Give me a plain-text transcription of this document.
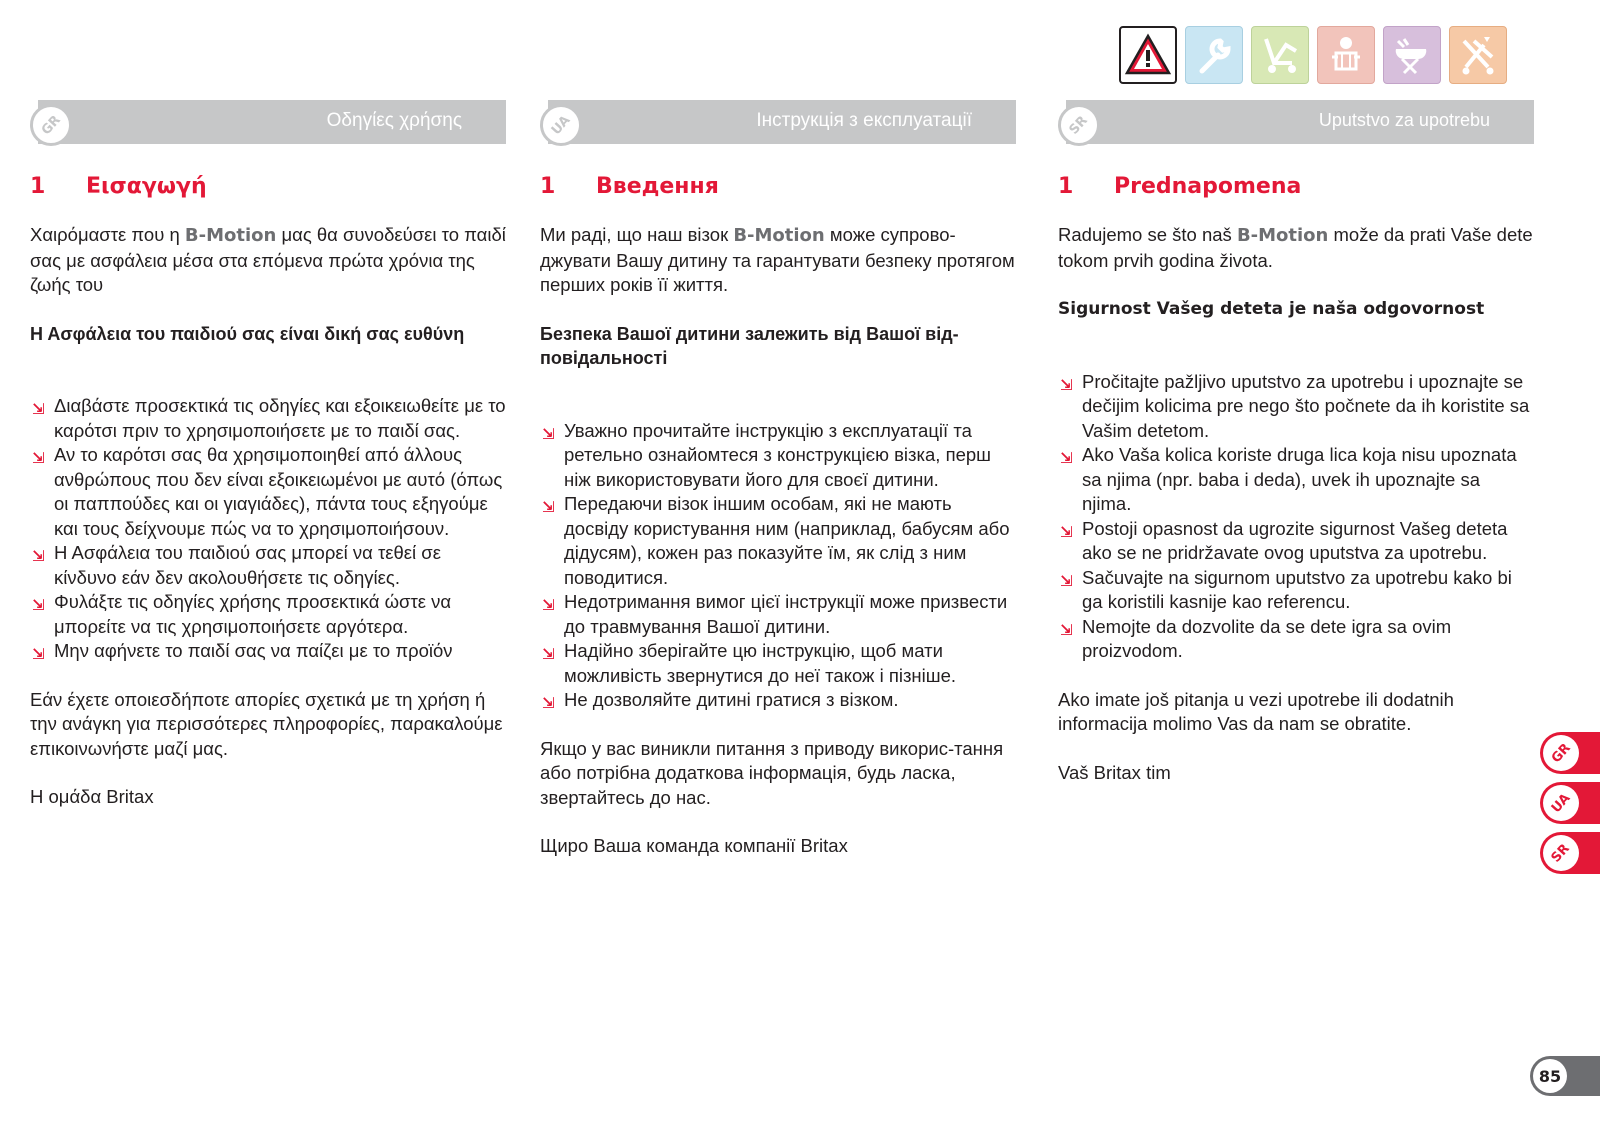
GR	Οδηγίες χρήσης
1	Εισαγωγή
Χαιρόμαστε που η B-Motion μας θα συνοδεύσει το παιδί σας με ασφάλεια μέσα στα επόμενα πρώτα χρόνια της ζωής του
Η Ασφάλεια του παιδιού σας είναι δική σας ευθύνη
⇲ Διαβάστε προσεκτικά τις οδηγίες και εξοικειωθείτε με το καρότσι πριν το χρησιμοποιήσετε με το παιδί σας.
⇲ Αν το καρότσι σας θα χρησιμοποιηθεί από άλλους ανθρώπους που δεν είναι εξοικειωμένοι με αυτό (όπως οι παππούδες και οι γιαγιάδες), πάντα τους εξηγούμε και τους δείχνουμε πώς να το χρησιμοποιήσουν.
⇲ Η Ασφάλεια του παιδιού σας μπορεί να τεθεί σε κίνδυνο εάν δεν ακολουθήσετε τις οδηγίες.
⇲ Φυλάξτε τις οδηγίες χρήσης προσεκτικά ώστε να μπορείτε να τις χρησιμοποιήσετε αργότερα.
⇲ Μην αφήνετε το παιδί σας να παίζει με το προϊόν
Εάν έχετε οποιεσδήποτε απορίες σχετικά με τη χρήση ή την ανάγκη για περισσότερες πληροφορίες, παρακαλούμε επικοινωνήστε μαζί μας.
Η ομάδα Britax
UA	Інструкція з експлуатації
1	Введення
Ми раді, що наш візок B-Motion може супрово-джувати Вашу дитину та гарантувати безпеку протягом перших років її життя.
Безпека Вашої дитини залежить від Вашої від-повідальності
⇲ Уважно прочитайте інструкцію з експлуатації та ретельно ознайомтеся з конструкцією візка, перш ніж використовувати його для своєї дитини.
⇲ Передаючи візок іншим особам, які не мають досвіду користування ним (наприклад, бабусям або дідусям), кожен раз показуйте їм, як слід з ним поводитися.
⇲ Недотримання вимог цієї інструкції може призвести до травмування Вашої дитини.
⇲ Надійно зберігайте цю інструкцію, щоб мати можливість звернутися до неї також і пізніше.
⇲ Не дозволяйте дитині гратися з візком.
Якщо у вас виникли питання з приводу викорис-тання або потрібна додаткова інформація, будь ласка, звертайтесь до нас.
Щиро Ваша команда компанії Britax
SR	Uputstvo za upotrebu
1	Prednapomena
Radujemo se što naš B-Motion može da prati Vaše dete tokom prvih godina života.
Sigurnost Vašeg deteta je naša odgovornost
⇲ Pročitajte pažljivo uputstvo za upotrebu i upoznajte se dečijim kolicima pre nego što počnete da ih koristite sa Vašim detetom.
⇲ Ako Vaša kolica koriste druga lica koja nisu upoznata sa njima (npr. baba i deda), uvek ih upoznajte sa njima.
⇲ Postoji opasnost da ugrozite sigurnost Vašeg deteta ako se ne pridržavate ovog uputstva za upotrebu.
⇲ Sačuvajte na sigurnom uputstvo za upotrebu kako bi ga koristili kasnije kao referencu.
⇲ Nemojte da dozvolite da se dete igra sa ovim proizvodom.
Ako imate još pitanja u vezi upotrebe ili dodatnih informacija molimo Vas da nam se obratite.
Vaš Britax tim
GR
UA
SR
85
